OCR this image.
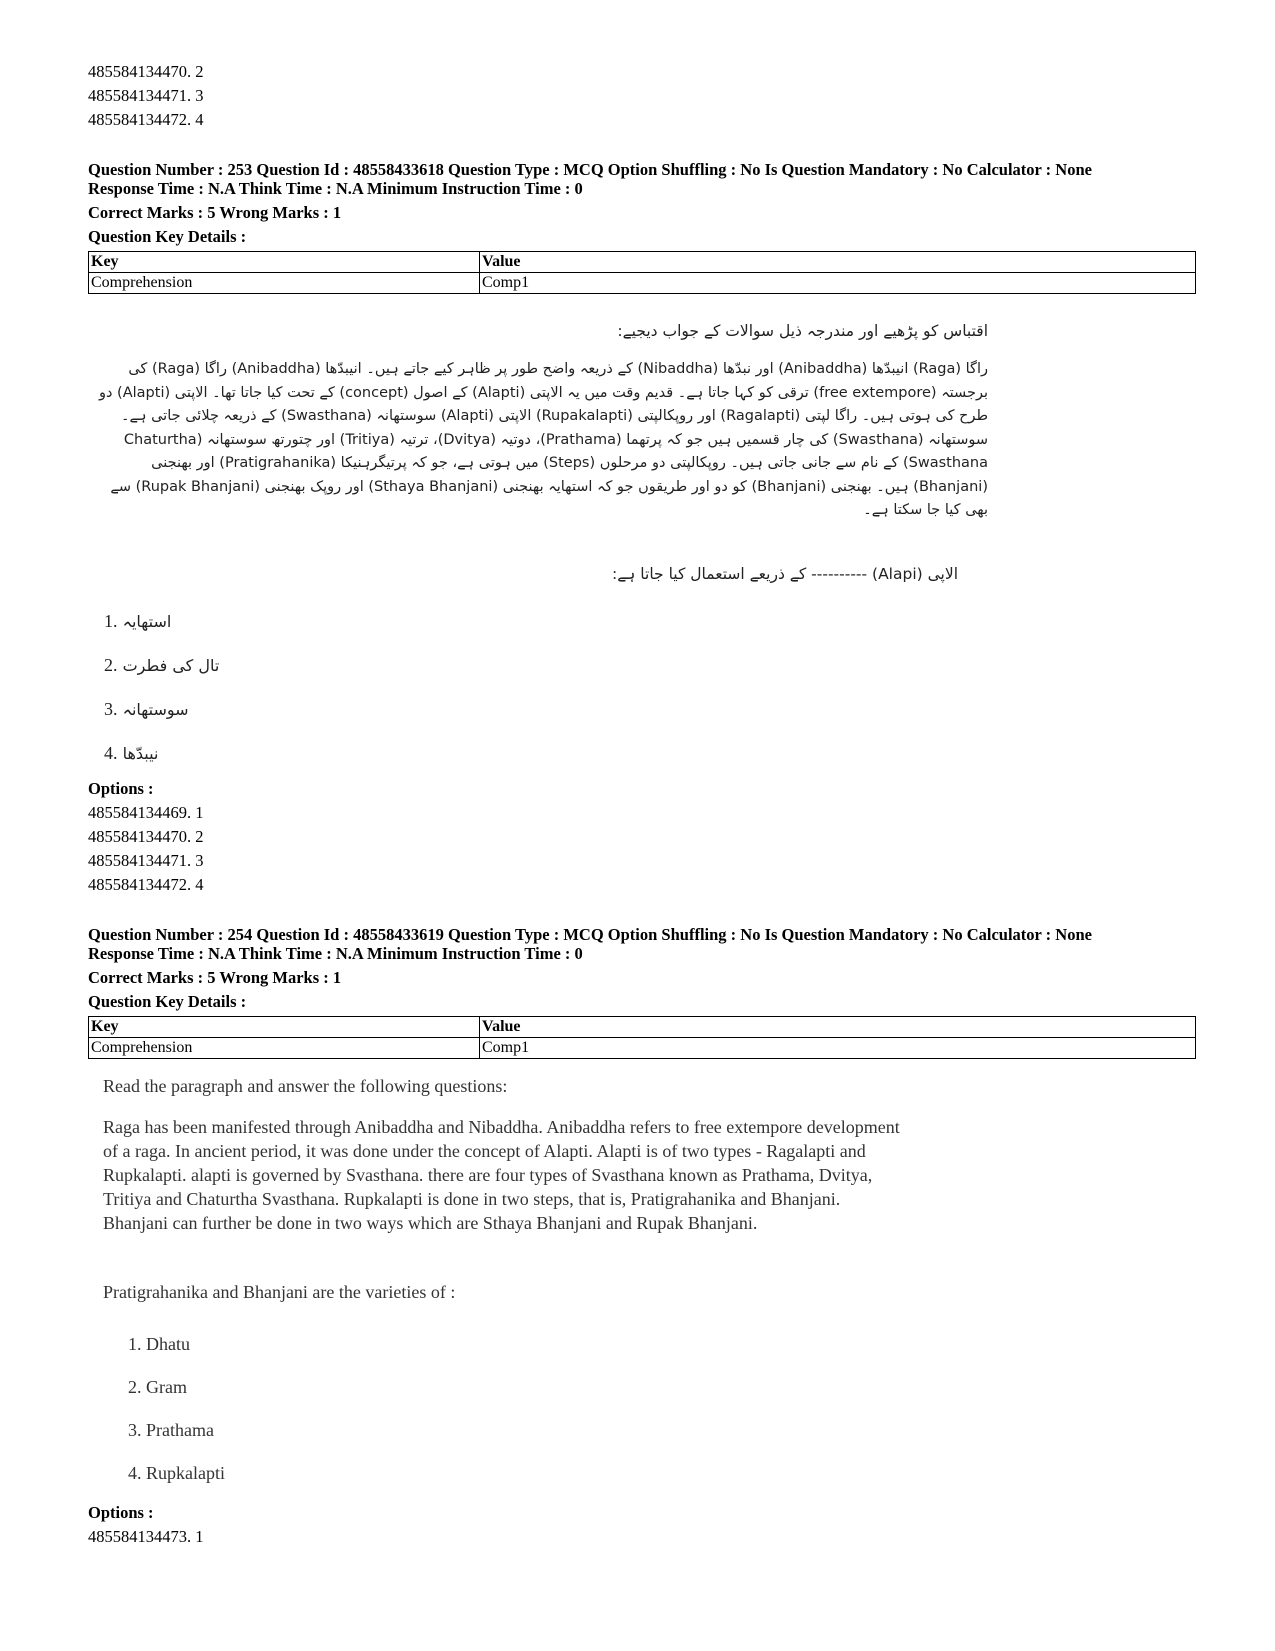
485584134470. 2
485584134471. 3
485584134472. 4
Question Number : 253 Question Id : 48558433618 Question Type : MCQ Option Shuffling : No Is Question Mandatory : No Calculator : None
Response Time : N.A Think Time : N.A Minimum Instruction Time : 0
Correct Marks : 5 Wrong Marks : 1
Question Key Details :
Key	Value
Comprehension	Comp1
اقتباس کو پڑھیے اور مندرجہ ذیل سوالات کے جواب دیجیے:
راگا (Raga) انیبدّھا (Anibaddha) اور نبدّھا (Nibaddha) کے ذریعہ واضح طور پر ظاہر کیے جاتے ہیں۔ انیبدّھا (Anibaddha) راگا (Raga) کی برجستہ (free extempore) ترقی کو کہا جاتا ہے۔ قدیم وقت میں یہ الاپتی (Alapti) کے اصول (concept) کے تحت کیا جاتا تھا۔ الاپتی (Alapti) دو طرح کی ہوتی ہیں۔ راگا لپتی (Ragalapti) اور روپکالپتی (Rupakalapti) الاپتی (Alapti) سوستھانہ (Swasthana) کے ذریعہ چلائی جاتی ہے۔ سوستھانہ (Swasthana) کی چار قسمیں ہیں جو کہ پرتھما (Prathama)، دوتیہ (Dvitya)، ترتیہ (Tritiya) اور چتورتھ سوستھانہ (Chaturtha Swasthana) کے نام سے جانی جاتی ہیں۔ روپکالپتی دو مرحلوں (Steps) میں ہوتی ہے، جو کہ پرتیگرہنیکا (Pratigrahanika) اور بھنجنی (Bhanjani) ہیں۔ بھنجنی (Bhanjani) کو دو اور طریقوں جو کہ استھایہ بھنجنی (Sthaya Bhanjani) اور روپک بھنجنی (Rupak Bhanjani) سے بھی کیا جا سکتا ہے۔
الاپی (Alapi) ---------- کے ذریعے استعمال کیا جاتا ہے:
1. استھایہ
2. تال کی فطرت
3. سوستھانہ
4. نیبدّھا
Options :
485584134469. 1
485584134470. 2
485584134471. 3
485584134472. 4
Question Number : 254 Question Id : 48558433619 Question Type : MCQ Option Shuffling : No Is Question Mandatory : No Calculator : None
Response Time : N.A Think Time : N.A Minimum Instruction Time : 0
Correct Marks : 5 Wrong Marks : 1
Question Key Details :
Key	Value
Comprehension	Comp1
Read the paragraph and answer the following questions:
Raga has been manifested through Anibaddha and Nibaddha. Anibaddha refers to free extempore development
of a raga. In ancient period, it was done under the concept of Alapti. Alapti is of two types - Ragalapti and
Rupkalapti. alapti is governed by Svasthana. there are four types of Svasthana known as Prathama, Dvitya,
Tritiya and Chaturtha Svasthana. Rupkalapti is done in two steps, that is, Pratigrahanika and Bhanjani.
Bhanjani can further be done in two ways which are Sthaya Bhanjani and Rupak Bhanjani.
Pratigrahanika and Bhanjani are the varieties of :
1. Dhatu
2. Gram
3. Prathama
4. Rupkalapti
Options :
485584134473. 1
